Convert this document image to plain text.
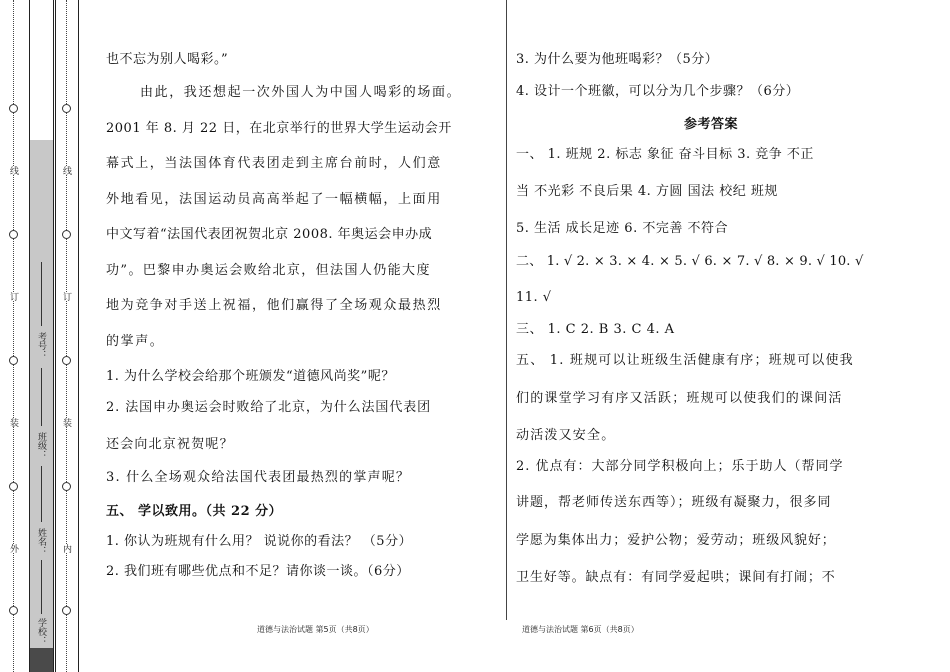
线
订
装
外
线
订
装
内
考号：
班级：
姓名：
学校：
也不忘为别人喝彩。”
由此，我还想起一次外国人为中国人喝彩的场面。
2001 年 8. 月 22 日，在北京举行的世界大学生运动会开
幕式上，当法国体育代表团走到主席台前时，人们意
外地看见，法国运动员高高举起了一幅横幅，上面用
中文写着“法国代表团祝贺北京 2008. 年奥运会申办成
功”。巴黎申办奥运会败给北京，但法国人仍能大度
地为竞争对手送上祝福，他们赢得了全场观众最热烈
的掌声。
1. 为什么学校会给那个班颁发“道德风尚奖”呢？
2. 法国申办奥运会时败给了北京，为什么法国代表团
还会向北京祝贺呢？
3. 什么全场观众给法国代表团最热烈的掌声呢？
五、 学以致用。（共 22 分）
1. 你认为班规有什么用？ 说说你的看法？ （5分）
2. 我们班有哪些优点和不足？请你谈一谈。（6分）
3. 为什么要为他班喝彩？（5分）
4. 设计一个班徽，可以分为几个步骤？（6分）
参考答案
一、 1. 班规 2. 标志 象征 奋斗目标 3. 竞争 不正
当 不光彩 不良后果 4. 方圆 国法 校纪 班规
5. 生活 成长足迹 6. 不完善 不符合
二、 1. √ 2. × 3. × 4. × 5. √ 6. × 7. √ 8. × 9. √ 10. √
11. √
三、 1. C 2. B 3. C 4. A
五、 1. 班规可以让班级生活健康有序；班规可以使我
们的课堂学习有序又活跃；班规可以使我们的课间活
动活泼又安全。
2. 优点有：大部分同学积极向上；乐于助人（帮同学
讲题，帮老师传送东西等）；班级有凝聚力，很多同
学愿为集体出力；爱护公物；爱劳动；班级风貌好；
卫生好等。缺点有：有同学爱起哄；课间有打闹；不
道德与法治试题 第5页（共8页）	道德与法治试题 第6页（共8页）
